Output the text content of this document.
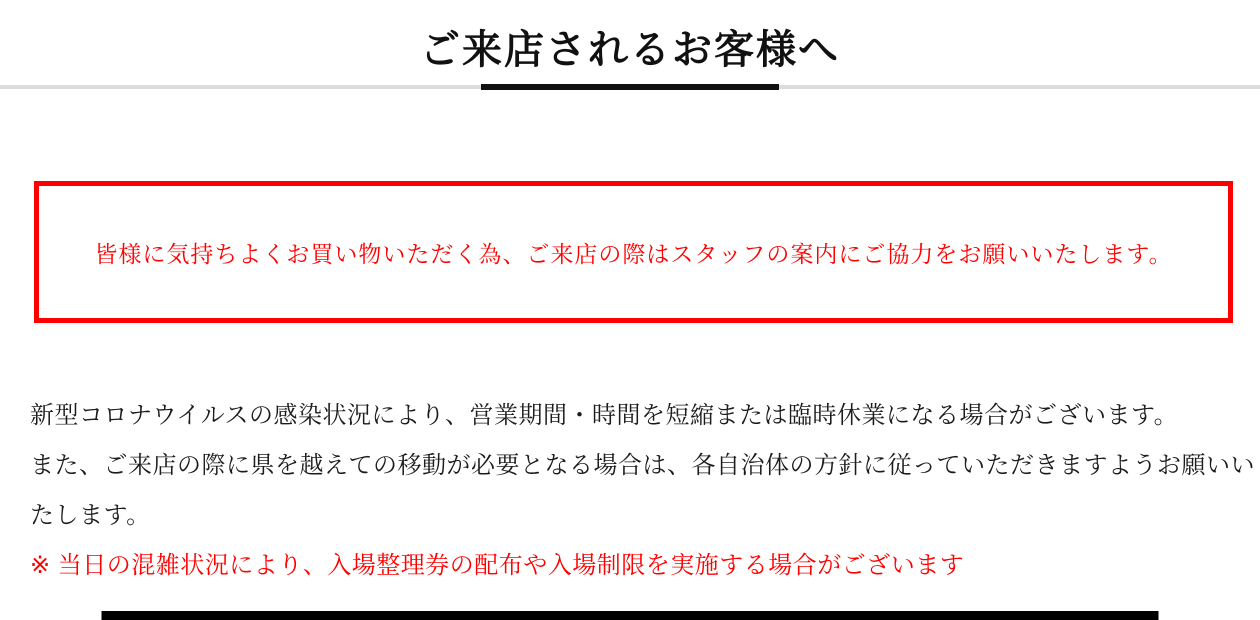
ご来店されるお客様へ

皆様に気持ちよくお買い物いただく為、ご来店の際はスタッフの案内にご協力をお願いいたします。

新型コロナウイルスの感染状況により、営業期間・時間を短縮または臨時休業になる場合がございます。
また、ご来店の際に県を越えての移動が必要となる場合は、各自治体の方針に従っていただきますようお願いい
たします。
※ 当日の混雑状況により、入場整理券の配布や入場制限を実施する場合がございます
